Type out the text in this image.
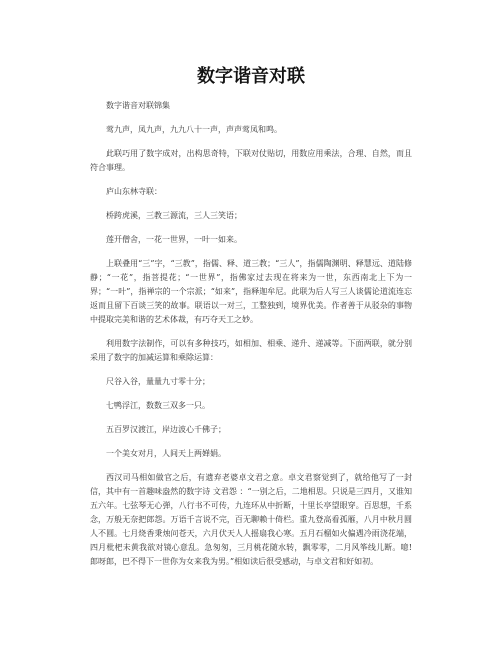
数字谐音对联

数字谐音对联锦集

莺九声，凤九声，九九八十一声，声声莺凤和鸣。

此联巧用了数字成对，出构思奇特，下联对仗贴切，用数应用乘法，合理、自然，而且符合事理。

庐山东林寺联：

桥跨虎溪，三教三源流，三人三笑语；

莲开僧舍，一花一世界，一叶一如来。

上联叠用“三”字，“三教”，指儒、释、道三教；“三人”，指儒陶渊明、释慧远、道陆修静；“一花”，指菩提花；“一世界”，指佛家过去现在将来为一世，东西南北上下为一界；“一叶”，指禅宗的一个宗派；“如来”，指释迦牟尼。此联为后人写三人谈儒论道流连忘返而且留下百谈三笑的故事。联语以一对三，工整独到，境界优美。作者善于从驳杂的事物中提取完美和谐的艺术体裁，有巧夺天工之妙。

利用数字法制作，可以有多种技巧，如相加、相乘、递升、递减等。下面两联，就分别采用了数字的加减运算和乘除运算：

尺谷入谷，量量九寸零十分；

七鸭浮江，数数三双多一只。

五百罗汉渡江，岸边波心千佛子；

一个美女对月，人间天上两婵娟。

西汉司马相如做官之后，有遗弃老婆卓文君之意。卓文君察觉到了，就给他写了一封信，其中有一首趣味盎然的数字诗 文君怨 ：“一别之后，二地相思。只说是三四月，又谁知五六年。七弦琴无心弹，八行书不可传，九连环从中折断，十里长亭望眼穿。百思想，千系念，万般无奈把郎怨。万语千言说不完，百无聊赖十倚栏。重九登高看孤雁，八月中秋月圆人不圆。七月烧香秉烛问苍天，六月伏天人人摇扇我心寒。五月石榴如火偏遇冷雨浇花端，四月枇杷未黄我欲对镜心意乱。急匆匆，三月桃花随水转，飘零零，二月风筝线儿断。噫!郎呀郎，巴不得下一世你为女来我为男。”相如读后很受感动，与卓文君和好如初。
